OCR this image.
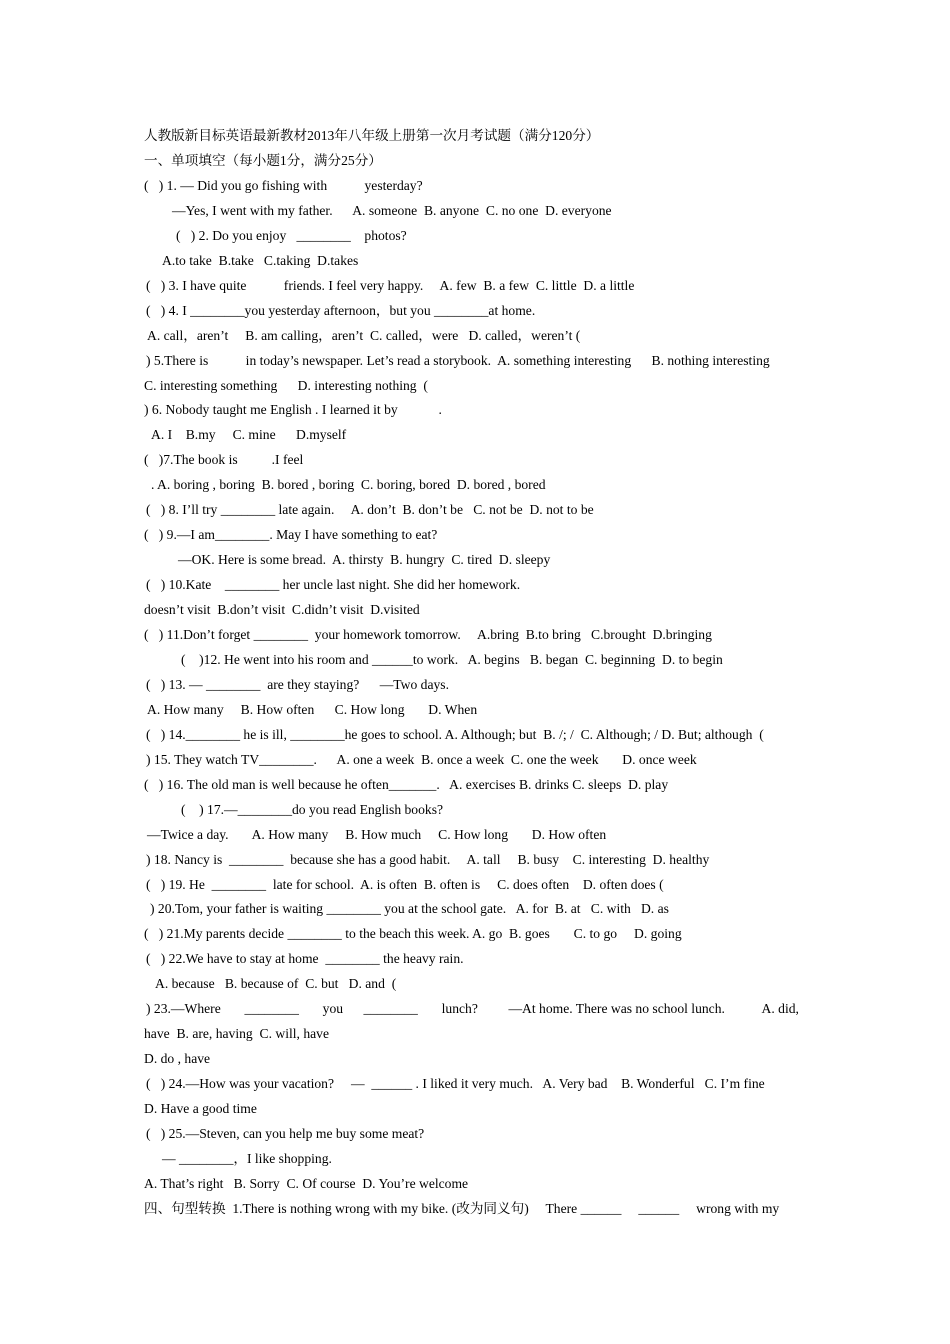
人教版新目标英语最新教材2013年八年级上册第一次月考试题（满分120分）
一、单项填空（每小题1分，满分25分）
(   ) 1. — Did you go fishing with           yesterday?
—Yes, I went with my father.      A. someone  B. anyone  C. no one  D. everyone
(   ) 2. Do you enjoy   ________    photos?
A.to take  B.take   C.taking  D.takes
(   ) 3. I have quite           friends. I feel very happy.     A. few  B. a few  C. little  D. a little
(   ) 4. I ________you yesterday afternoon，but you ________at home.
A. call，aren’t     B. am calling，aren’t  C. called，were   D. called，weren’t (
) 5.There is           in today’s newspaper. Let’s read a storybook.  A. something interesting      B. nothing interesting
C. interesting something      D. interesting nothing  (
) 6. Nobody taught me English . I learned it by            .
A. I    B.my     C. mine      D.myself
(   )7.The book is          .I feel
. A. boring , boring  B. bored , boring  C. boring, bored  D. bored , bored
(   ) 8. I’ll try ________ late again.     A. don’t  B. don’t be   C. not be  D. not to be
(   ) 9.—I am________. May I have something to eat?
—OK. Here is some bread.  A. thirsty  B. hungry  C. tired  D. sleepy
(   ) 10.Kate    ________ her uncle last night. She did her homework.
doesn’t visit  B.don’t visit  C.didn’t visit  D.visited
(   ) 11.Don’t forget ________  your homework tomorrow.     A.bring  B.to bring   C.brought  D.bringing
(    )12. He went into his room and ______to work.   A. begins   B. began  C. beginning  D. to begin
(   ) 13. — ________  are they staying?      —Two days.
A. How many     B. How often      C. How long       D. When
(   ) 14.________ he is ill, ________he goes to school. A. Although; but  B. /; /  C. Although; / D. But; although  (
) 15. They watch TV________.      A. one a week  B. once a week  C. one the week       D. once week
(   ) 16. The old man is well because he often_______.   A. exercises B. drinks C. sleeps  D. play
(    ) 17.—________do you read English books?
—Twice a day.       A. How many     B. How much     C. How long       D. How often
) 18. Nancy is  ________  because she has a good habit.     A. tall     B. busy    C. interesting  D. healthy
(   ) 19. He  ________  late for school.  A. is often  B. often is     C. does often    D. often does (
) 20.Tom, your father is waiting ________ you at the school gate.   A. for  B. at   C. with   D. as
(   ) 21.My parents decide ________ to the beach this week. A. go  B. goes       C. to go     D. going
(   ) 22.We have to stay at home  ________ the heavy rain.
A. because   B. because of  C. but   D. and  (
) 23.—Where       ________       you      ________       lunch?         —At home. There was no school lunch.           A. did,
have  B. are, having  C. will, have
D. do , have
(   ) 24.—How was your vacation?     —  ______ . I liked it very much.   A. Very bad    B. Wonderful   C. I’m fine
D. Have a good time
(   ) 25.—Steven, can you help me buy some meat?
— ________，I like shopping.
A. That’s right   B. Sorry  C. Of course  D. You’re welcome
四、句型转换  1.There is nothing wrong with my bike. (改为同义句)     There ______     ______     wrong with my
